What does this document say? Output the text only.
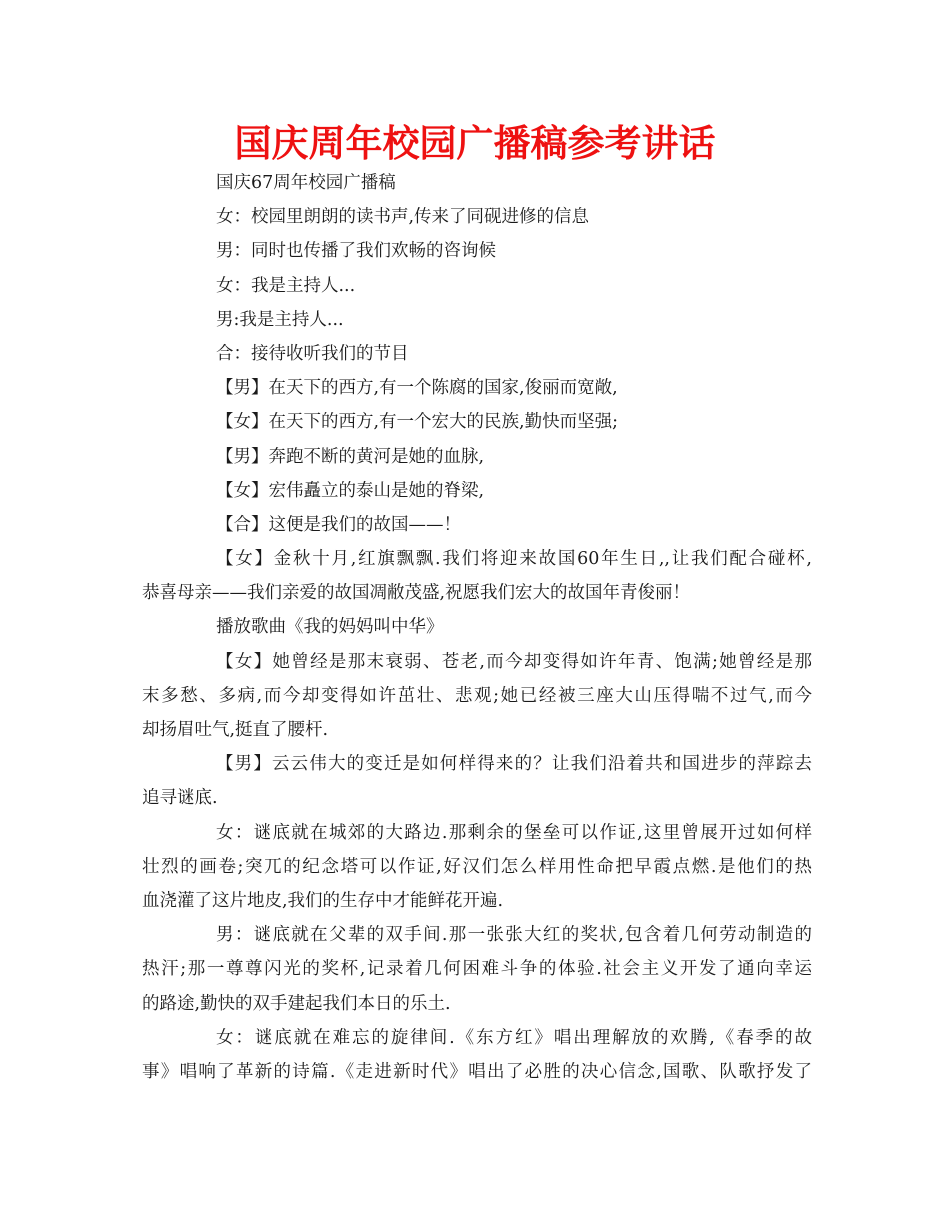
国庆周年校园广播稿参考讲话
国庆67周年校园广播稿
女：校园里朗朗的读书声,传来了同砚进修的信息
男：同时也传播了我们欢畅的咨询候
女：我是主持人...
男:我是主持人...
合：接待收听我们的节目
【男】在天下的西方,有一个陈腐的国家,俊丽而宽敞,
【女】在天下的西方,有一个宏大的民族,勤快而坚强;
【男】奔跑不断的黄河是她的血脉,
【女】宏伟矗立的泰山是她的脊梁,
【合】这便是我们的故国——！
【女】金秋十月,红旗飘飘.我们将迎来故国60年生日,,让我们配合碰杯,
恭喜母亲——我们亲爱的故国凋敝茂盛,祝愿我们宏大的故国年青俊丽！
播放歌曲《我的妈妈叫中华》
【女】她曾经是那末衰弱、苍老,而今却变得如许年青、饱满;她曾经是那
末多愁、多病,而今却变得如许茁壮、悲观;她已经被三座大山压得喘不过气,而今
却扬眉吐气,挺直了腰杆.
【男】云云伟大的变迁是如何样得来的？让我们沿着共和国进步的萍踪去
追寻谜底.
女：谜底就在城郊的大路边.那剩余的堡垒可以作证,这里曾展开过如何样
壮烈的画卷;突兀的纪念塔可以作证,好汉们怎么样用性命把早霞点燃.是他们的热
血浇灌了这片地皮,我们的生存中才能鲜花开遍.
男：谜底就在父辈的双手间.那一张张大红的奖状,包含着几何劳动制造的
热汗;那一尊尊闪光的奖杯,记录着几何困难斗争的体验.社会主义开发了通向幸运
的路途,勤快的双手建起我们本日的乐土.
女：谜底就在难忘的旋律间.《东方红》唱出理解放的欢腾,《春季的故
事》唱响了革新的诗篇.《走进新时代》唱出了必胜的决心信念,国歌、队歌抒发了
